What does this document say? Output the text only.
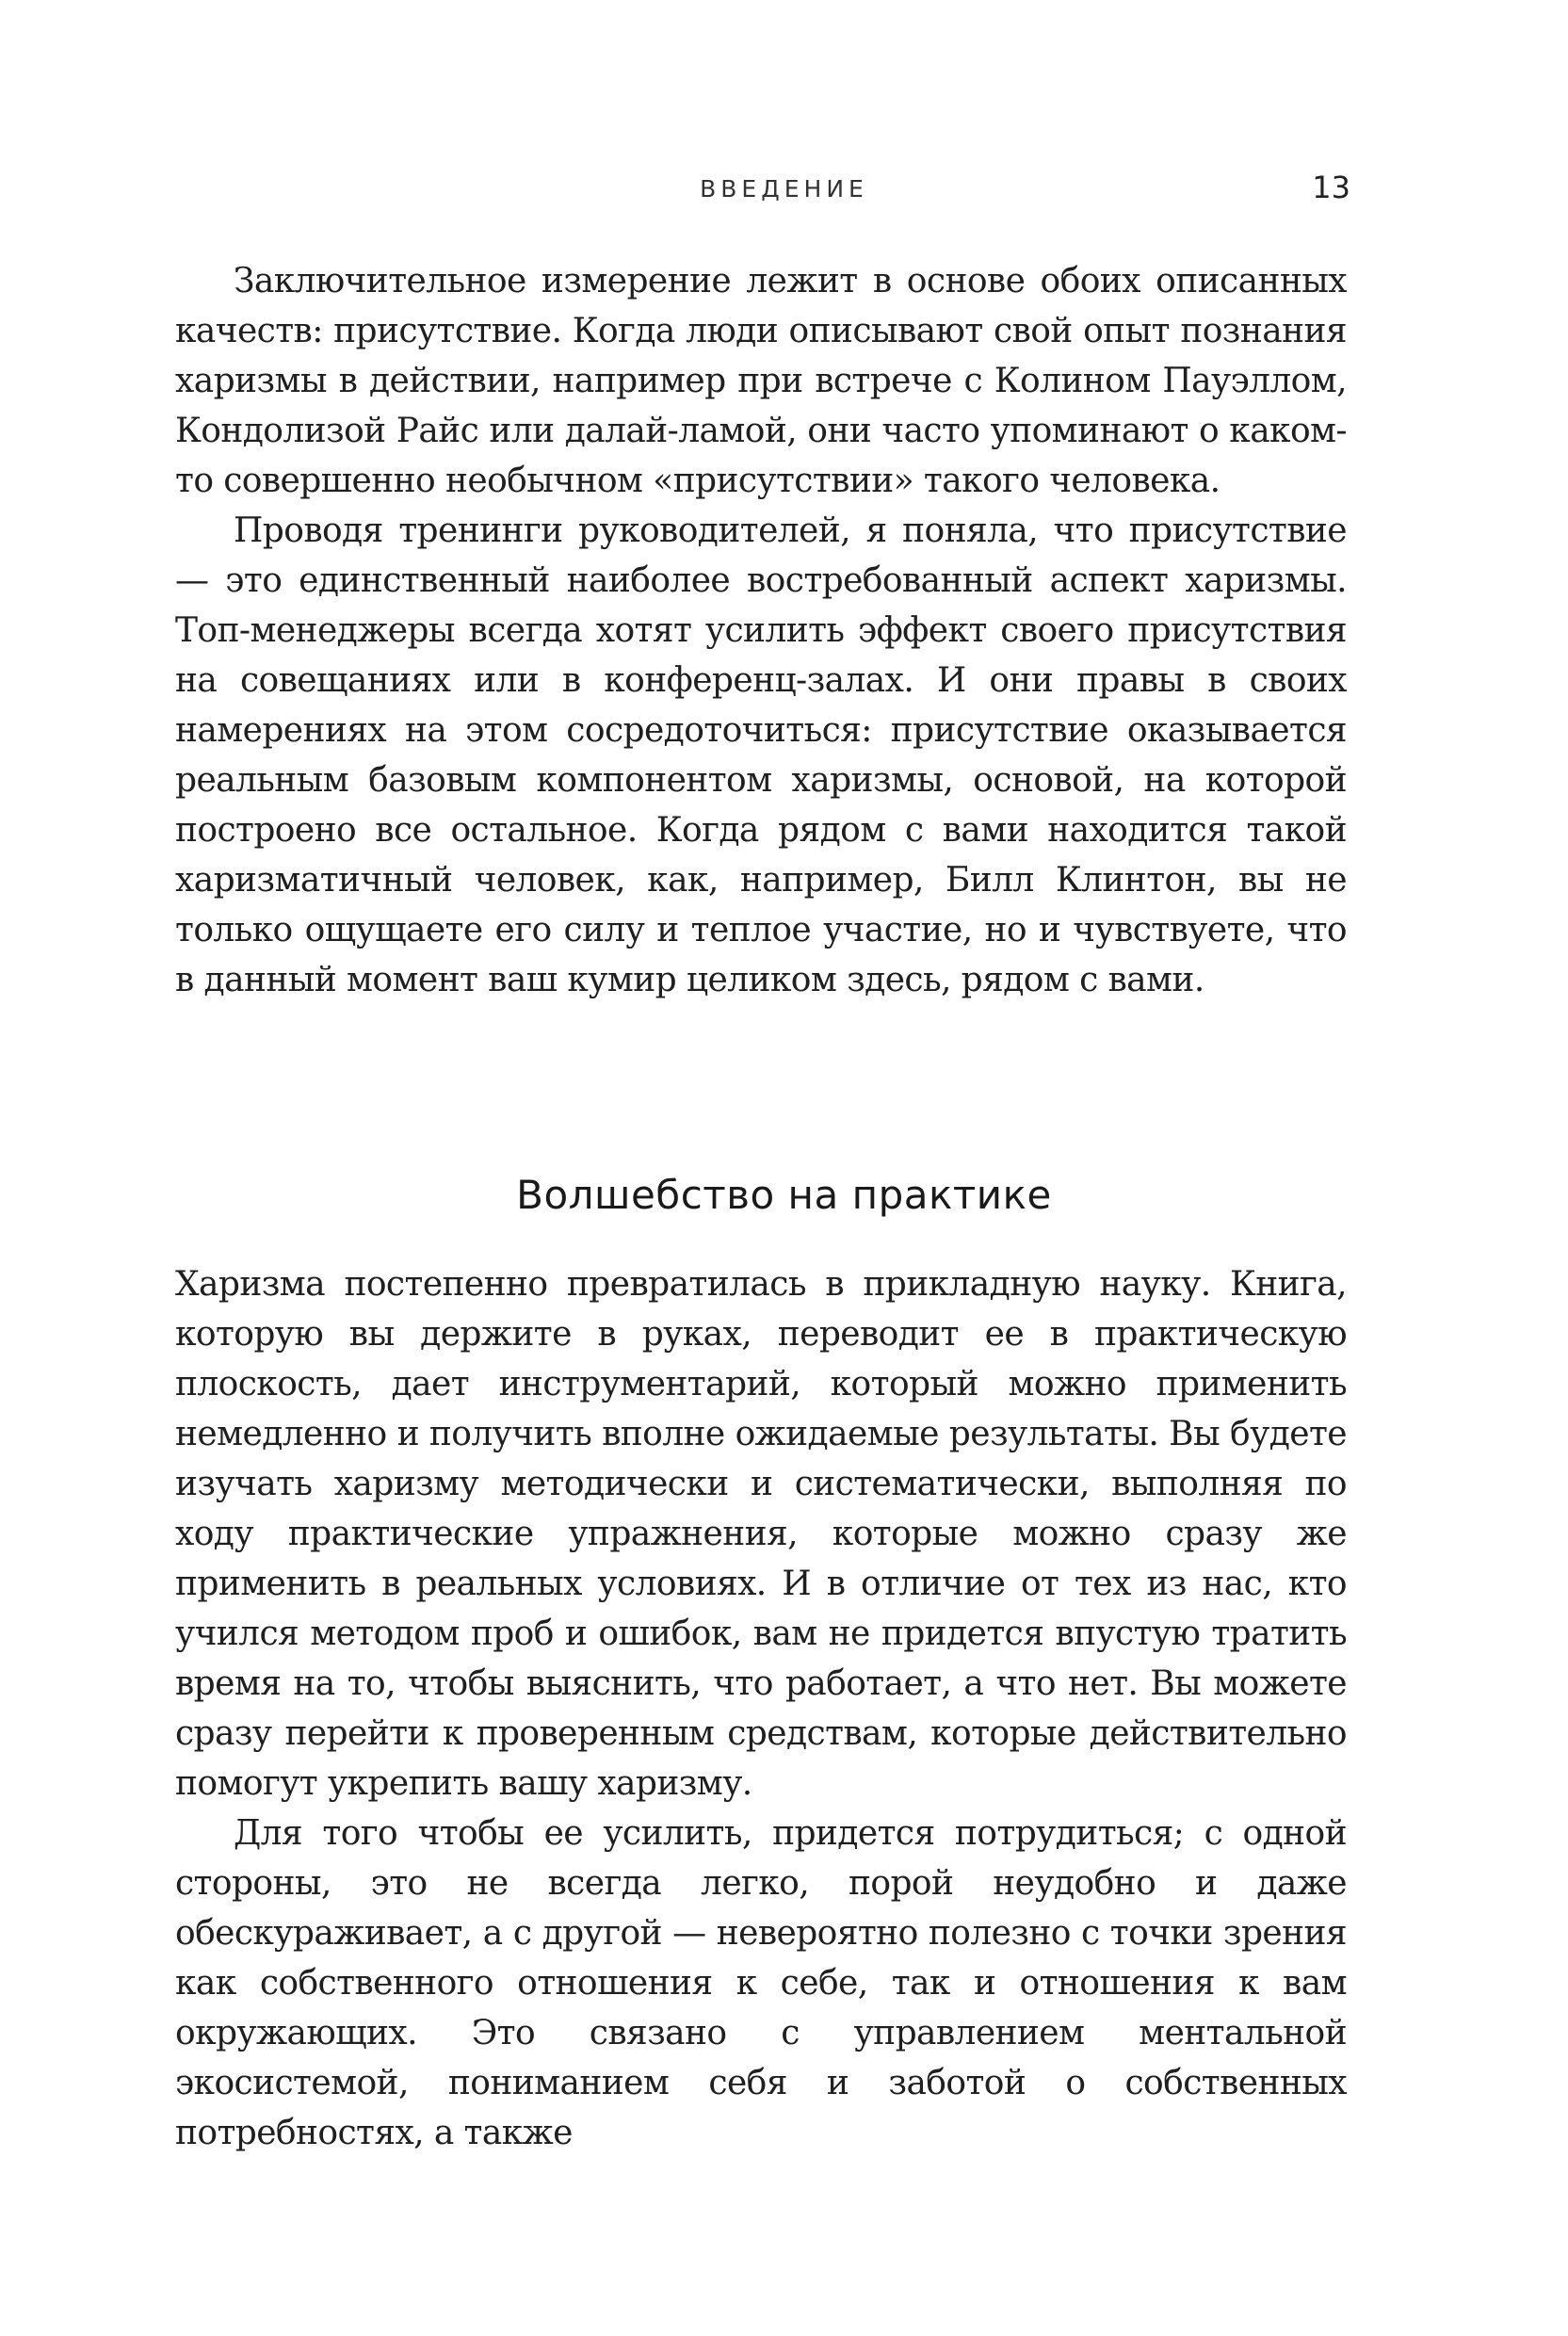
ВВЕДЕНИЕ	13

Заключительное измерение лежит в основе обоих описанных качеств: присутствие. Когда люди описывают свой опыт познания харизмы в действии, например при встрече с Колином Пауэллом, Кондолизой Райс или далай-ламой, они часто упоминают о каком-то совершенно необычном «присутствии» такого человека.

Проводя тренинги руководителей, я поняла, что присутствие — это единственный наиболее востребованный аспект харизмы. Топ-менеджеры всегда хотят усилить эффект своего присутствия на совещаниях или в конференц-залах. И они правы в своих намерениях на этом сосредоточиться: присутствие оказывается реальным базовым компонентом харизмы, основой, на которой построено все остальное. Когда рядом с вами находится такой харизматичный человек, как, например, Билл Клинтон, вы не только ощущаете его силу и теплое участие, но и чувствуете, что в данный момент ваш кумир целиком здесь, рядом с вами.

Волшебство на практике

Харизма постепенно превратилась в прикладную науку. Книга, которую вы держите в руках, переводит ее в практическую плоскость, дает инструментарий, который можно применить немедленно и получить вполне ожидаемые результаты. Вы будете изучать харизму методически и систематически, выполняя по ходу практические упражнения, которые можно сразу же применить в реальных условиях. И в отличие от тех из нас, кто учился методом проб и ошибок, вам не придется впустую тратить время на то, чтобы выяснить, что работает, а что нет. Вы можете сразу перейти к проверенным средствам, которые действительно помогут укрепить вашу харизму.

Для того чтобы ее усилить, придется потрудиться; с одной стороны, это не всегда легко, порой неудобно и даже обескураживает, а с другой — невероятно полезно с точки зрения как собственного отношения к себе, так и отношения к вам окружающих. Это связано с управлением ментальной экосистемой, пониманием себя и заботой о собственных потребностях, а также
